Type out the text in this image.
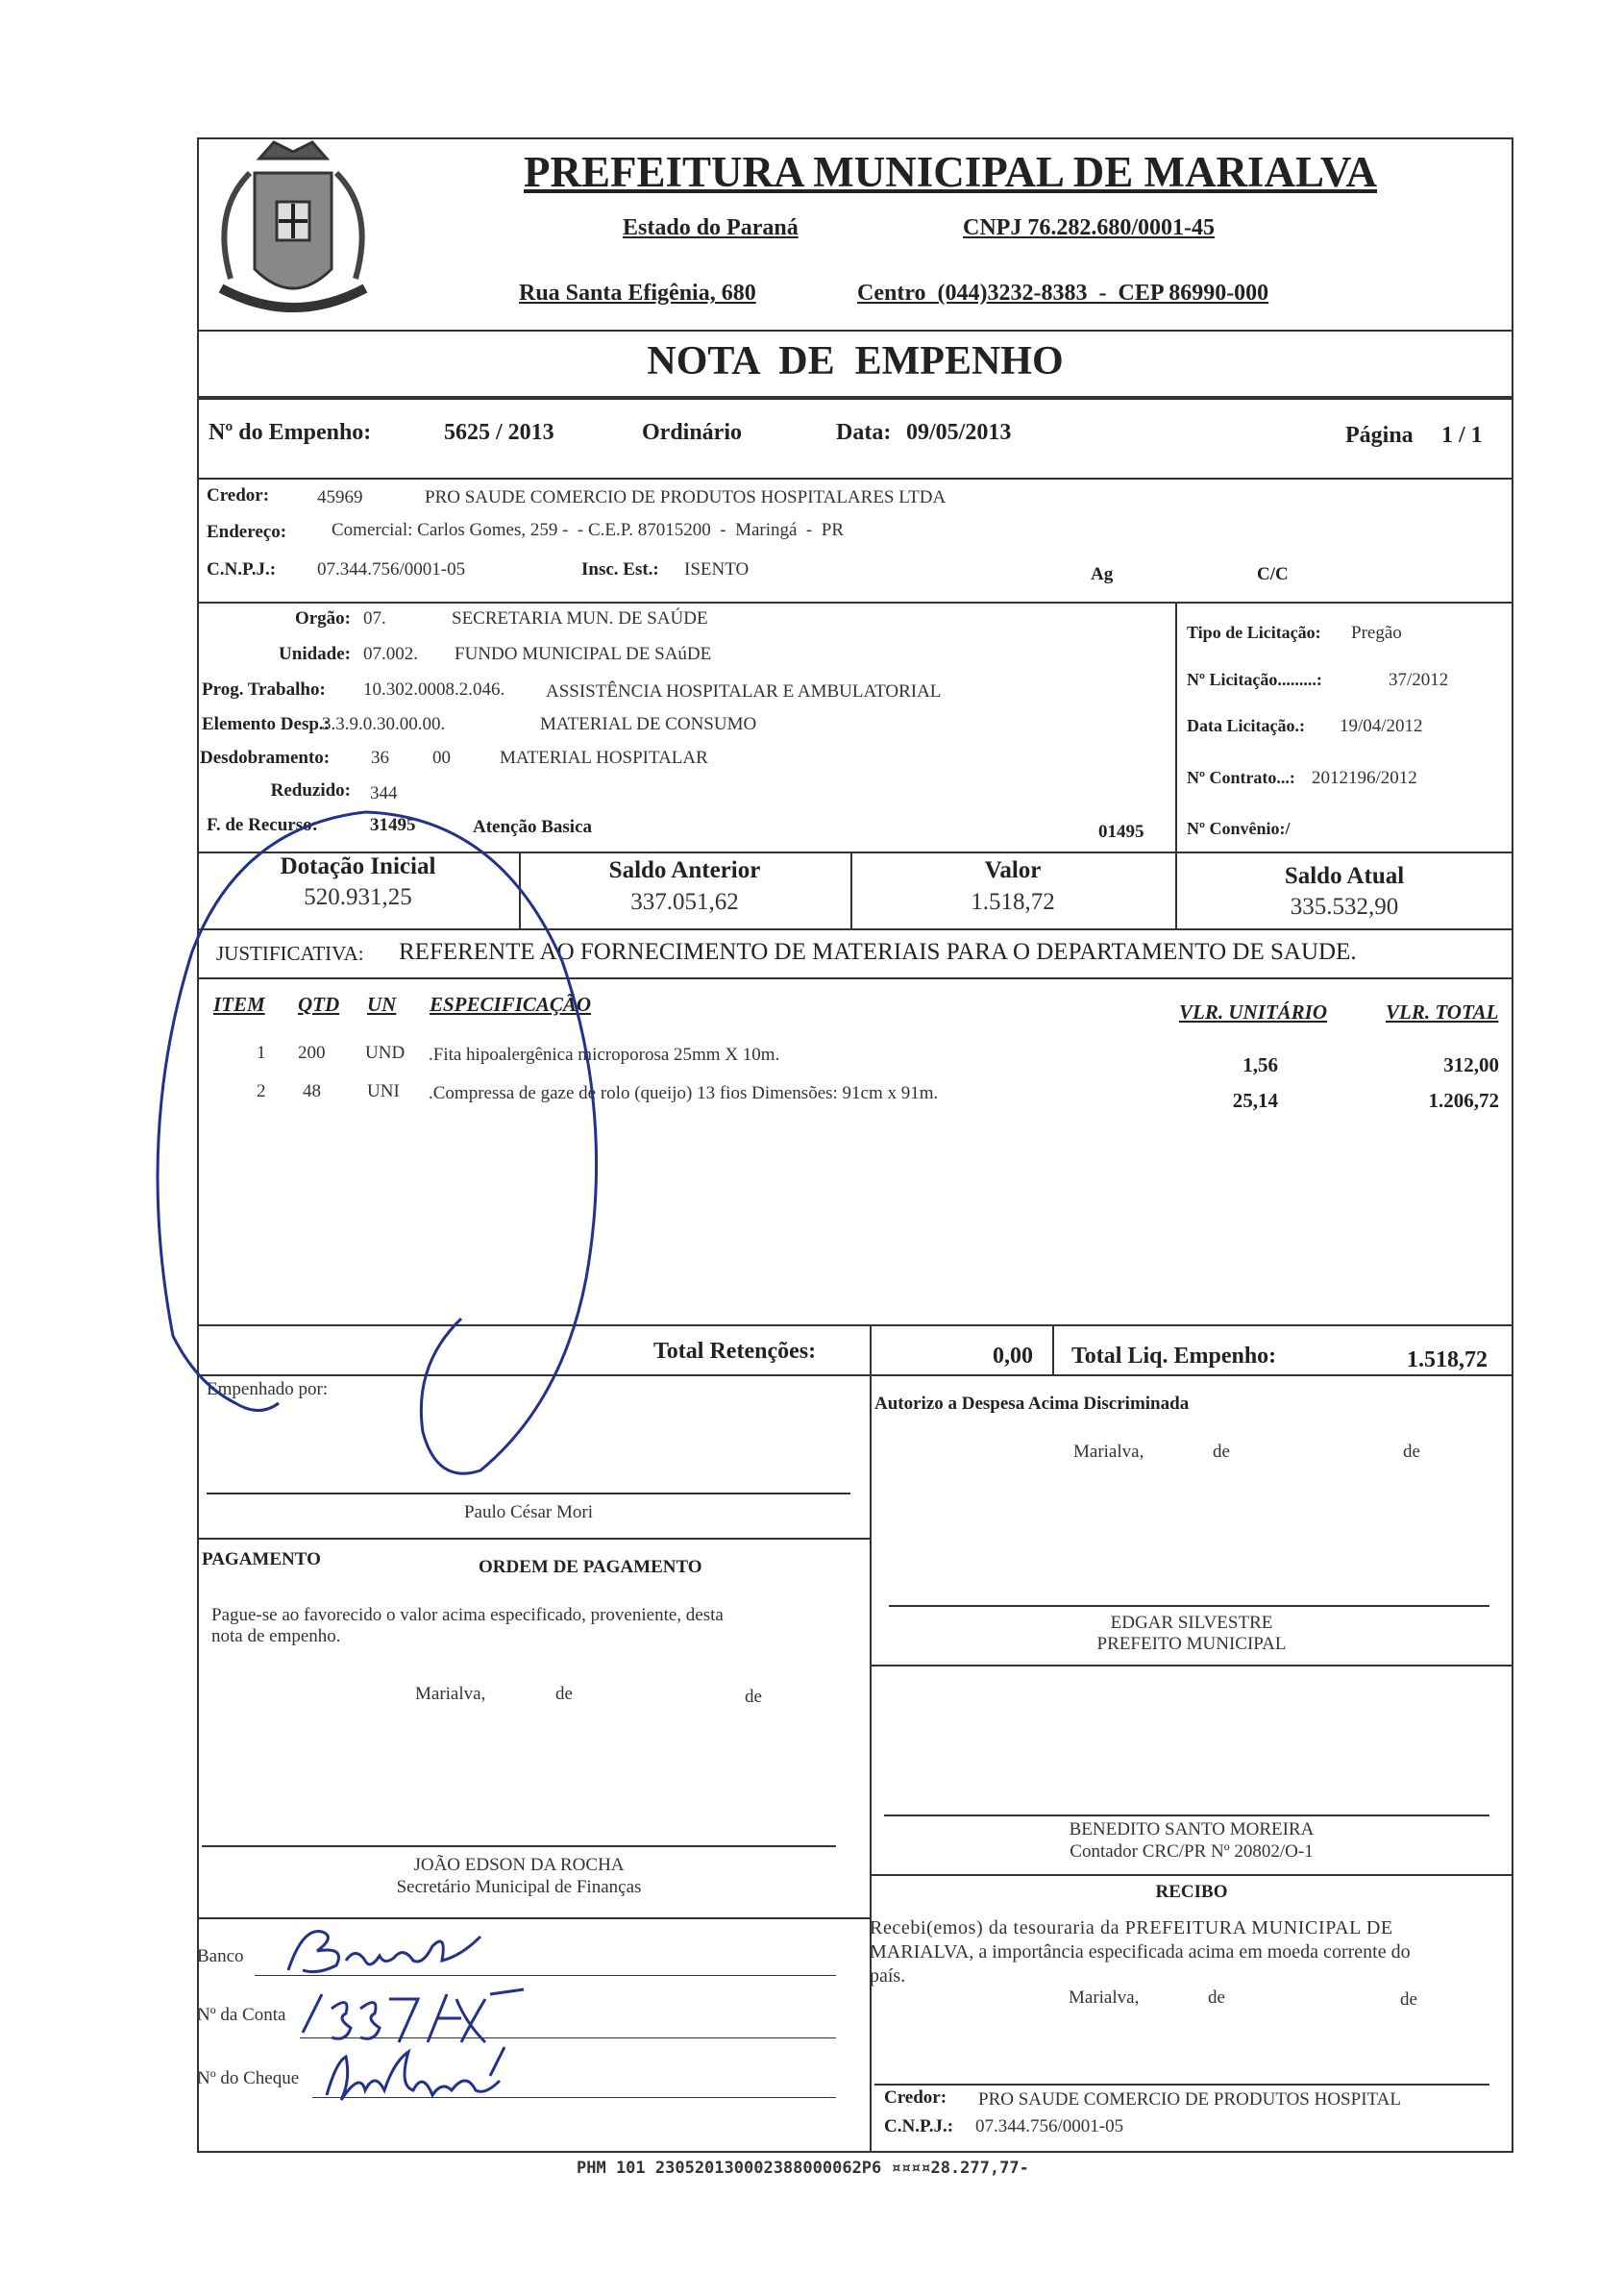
PREFEITURA MUNICIPAL DE MARIALVA
Estado do Paraná	CNPJ 76.282.680/0001-45
Rua Santa Efigênia, 680	Centro  (044)3232-8383  -  CEP 86990-000
NOTA  DE  EMPENHO
Nº do Empenho:	5625 / 2013	Ordinário	Data: 09/05/2013	Página 1 / 1
Credor:	45969	PRO SAUDE COMERCIO DE PRODUTOS HOSPITALARES LTDA
Endereço: Comercial: Carlos Gomes, 259 -  - C.E.P. 87015200  -  Maringá  -  PR
C.N.P.J.: 07.344.756/0001-05	Insc. Est.: ISENTO	Ag	C/C
Orgão: 07.	SECRETARIA MUN. DE SAÚDE
Unidade: 07.002. FUNDO MUNICIPAL DE SAúDE
Prog. Trabalho: 10.302.0008.2.046. ASSISTÊNCIA HOSPITALAR E AMBULATORIAL
Elemento Desp.:
3.3.9.0.30.00.00.	MATERIAL DE CONSUMO
Desdobramento: 36 00	MATERIAL HOSPITALAR
Reduzido: 344
F. de Recurso:	31495	Atenção Basica	01495
Tipo de Licitação: Pregão
Nº Licitação.........:	37/2012
Data Licitação.: 19/04/2012
Nº Contrato...: 2012196/2012
Nº Convênio:/
Dotação Inicial
520.931,25
Saldo Anterior
337.051,62
Valor
1.518,72
Saldo Atual
335.532,90
JUSTIFICATIVA: REFERENTE AO FORNECIMENTO DE MATERIAIS PARA O DEPARTAMENTO DE SAUDE.
ITEM QTD UN ESPECIFICAÇÃO	VLR. UNITÁRIO	VLR. TOTAL
1 200 UND .Fita hipoalergênica microporosa 25mm X 10m.	1,56	312,00
2 48	UNI .Compressa de gaze de rolo (queijo) 13 fios Dimensões: 91cm x 91m.	25,14	1.206,72
Total Retenções:	0,00 Total Liq. Empenho:	1.518,72
Empenhado por:
Paulo César Mori
Autorizo a Despesa Acima Discriminada
Marialva,	de	de
PAGAMENTO	ORDEM DE PAGAMENTO
Pague-se ao favorecido o valor acima especificado, proveniente, desta
nota de empenho.
Marialva,	de	de
EDGAR SILVESTRE
PREFEITO MUNICIPAL
BENEDITO SANTO MOREIRA
Contador CRC/PR Nº 20802/O-1
JOÃO EDSON DA ROCHA
Secretário Municipal de Finanças
Banco
Nº da Conta
Nº do Cheque
RECIBO
Recebi(emos) da tesouraria da PREFEITURA MUNICIPAL DE
MARIALVA, a importância especificada acima em moeda corrente do
país.
Marialva,	de	de
Credor: PRO SAUDE COMERCIO DE PRODUTOS HOSPITAL
C.N.P.J.: 07.344.756/0001-05
PHM 101 230520130002388000062P6 ¤¤¤¤28.277,77-
